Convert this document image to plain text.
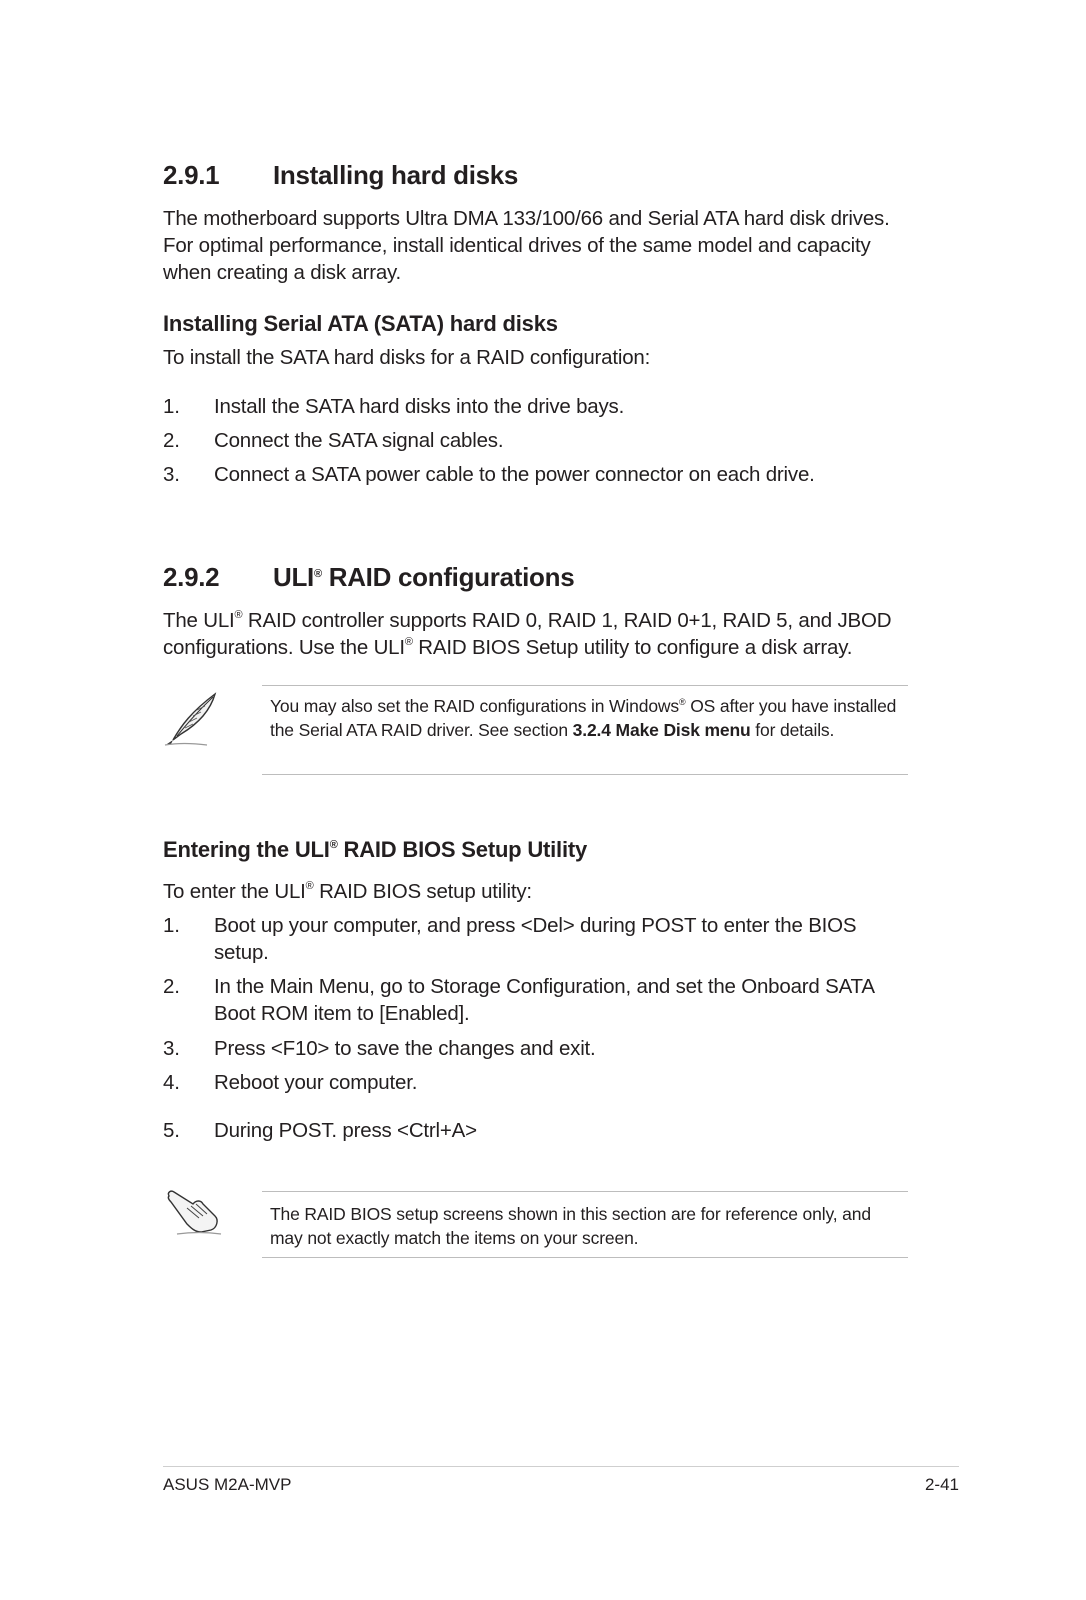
2.9.1 Installing hard disks

The motherboard supports Ultra DMA 133/100/66 and Serial ATA hard disk drives. For optimal performance, install identical drives of the same model and capacity when creating a disk array.

Installing Serial ATA (SATA) hard disks

To install the SATA hard disks for a RAID configuration:

1. Install the SATA hard disks into the drive bays.
2. Connect the SATA signal cables.
3. Connect a SATA power cable to the power connector on each drive.
2.9.2 ULI® RAID configurations

The ULI® RAID controller supports RAID 0, RAID 1, RAID 0+1, RAID 5, and JBOD configurations. Use the ULI® RAID BIOS Setup utility to configure a disk array.

You may also set the RAID configurations in Windows® OS after you have installed the Serial ATA RAID driver. See section 3.2.4 Make Disk menu for details.
Entering the ULI® RAID BIOS Setup Utility

To enter the ULI® RAID BIOS setup utility:

1. Boot up your computer, and press <Del> during POST to enter the BIOS setup.
2. In the Main Menu, go to Storage Configuration, and set the Onboard SATA Boot ROM item to [Enabled].
3. Press <F10> to save the changes and exit.
4. Reboot your computer.
5. During POST. press <Ctrl+A>
The RAID BIOS setup screens shown in this section are for reference only, and may not exactly match the items on your screen.
ASUS M2A-MVP	2-41
